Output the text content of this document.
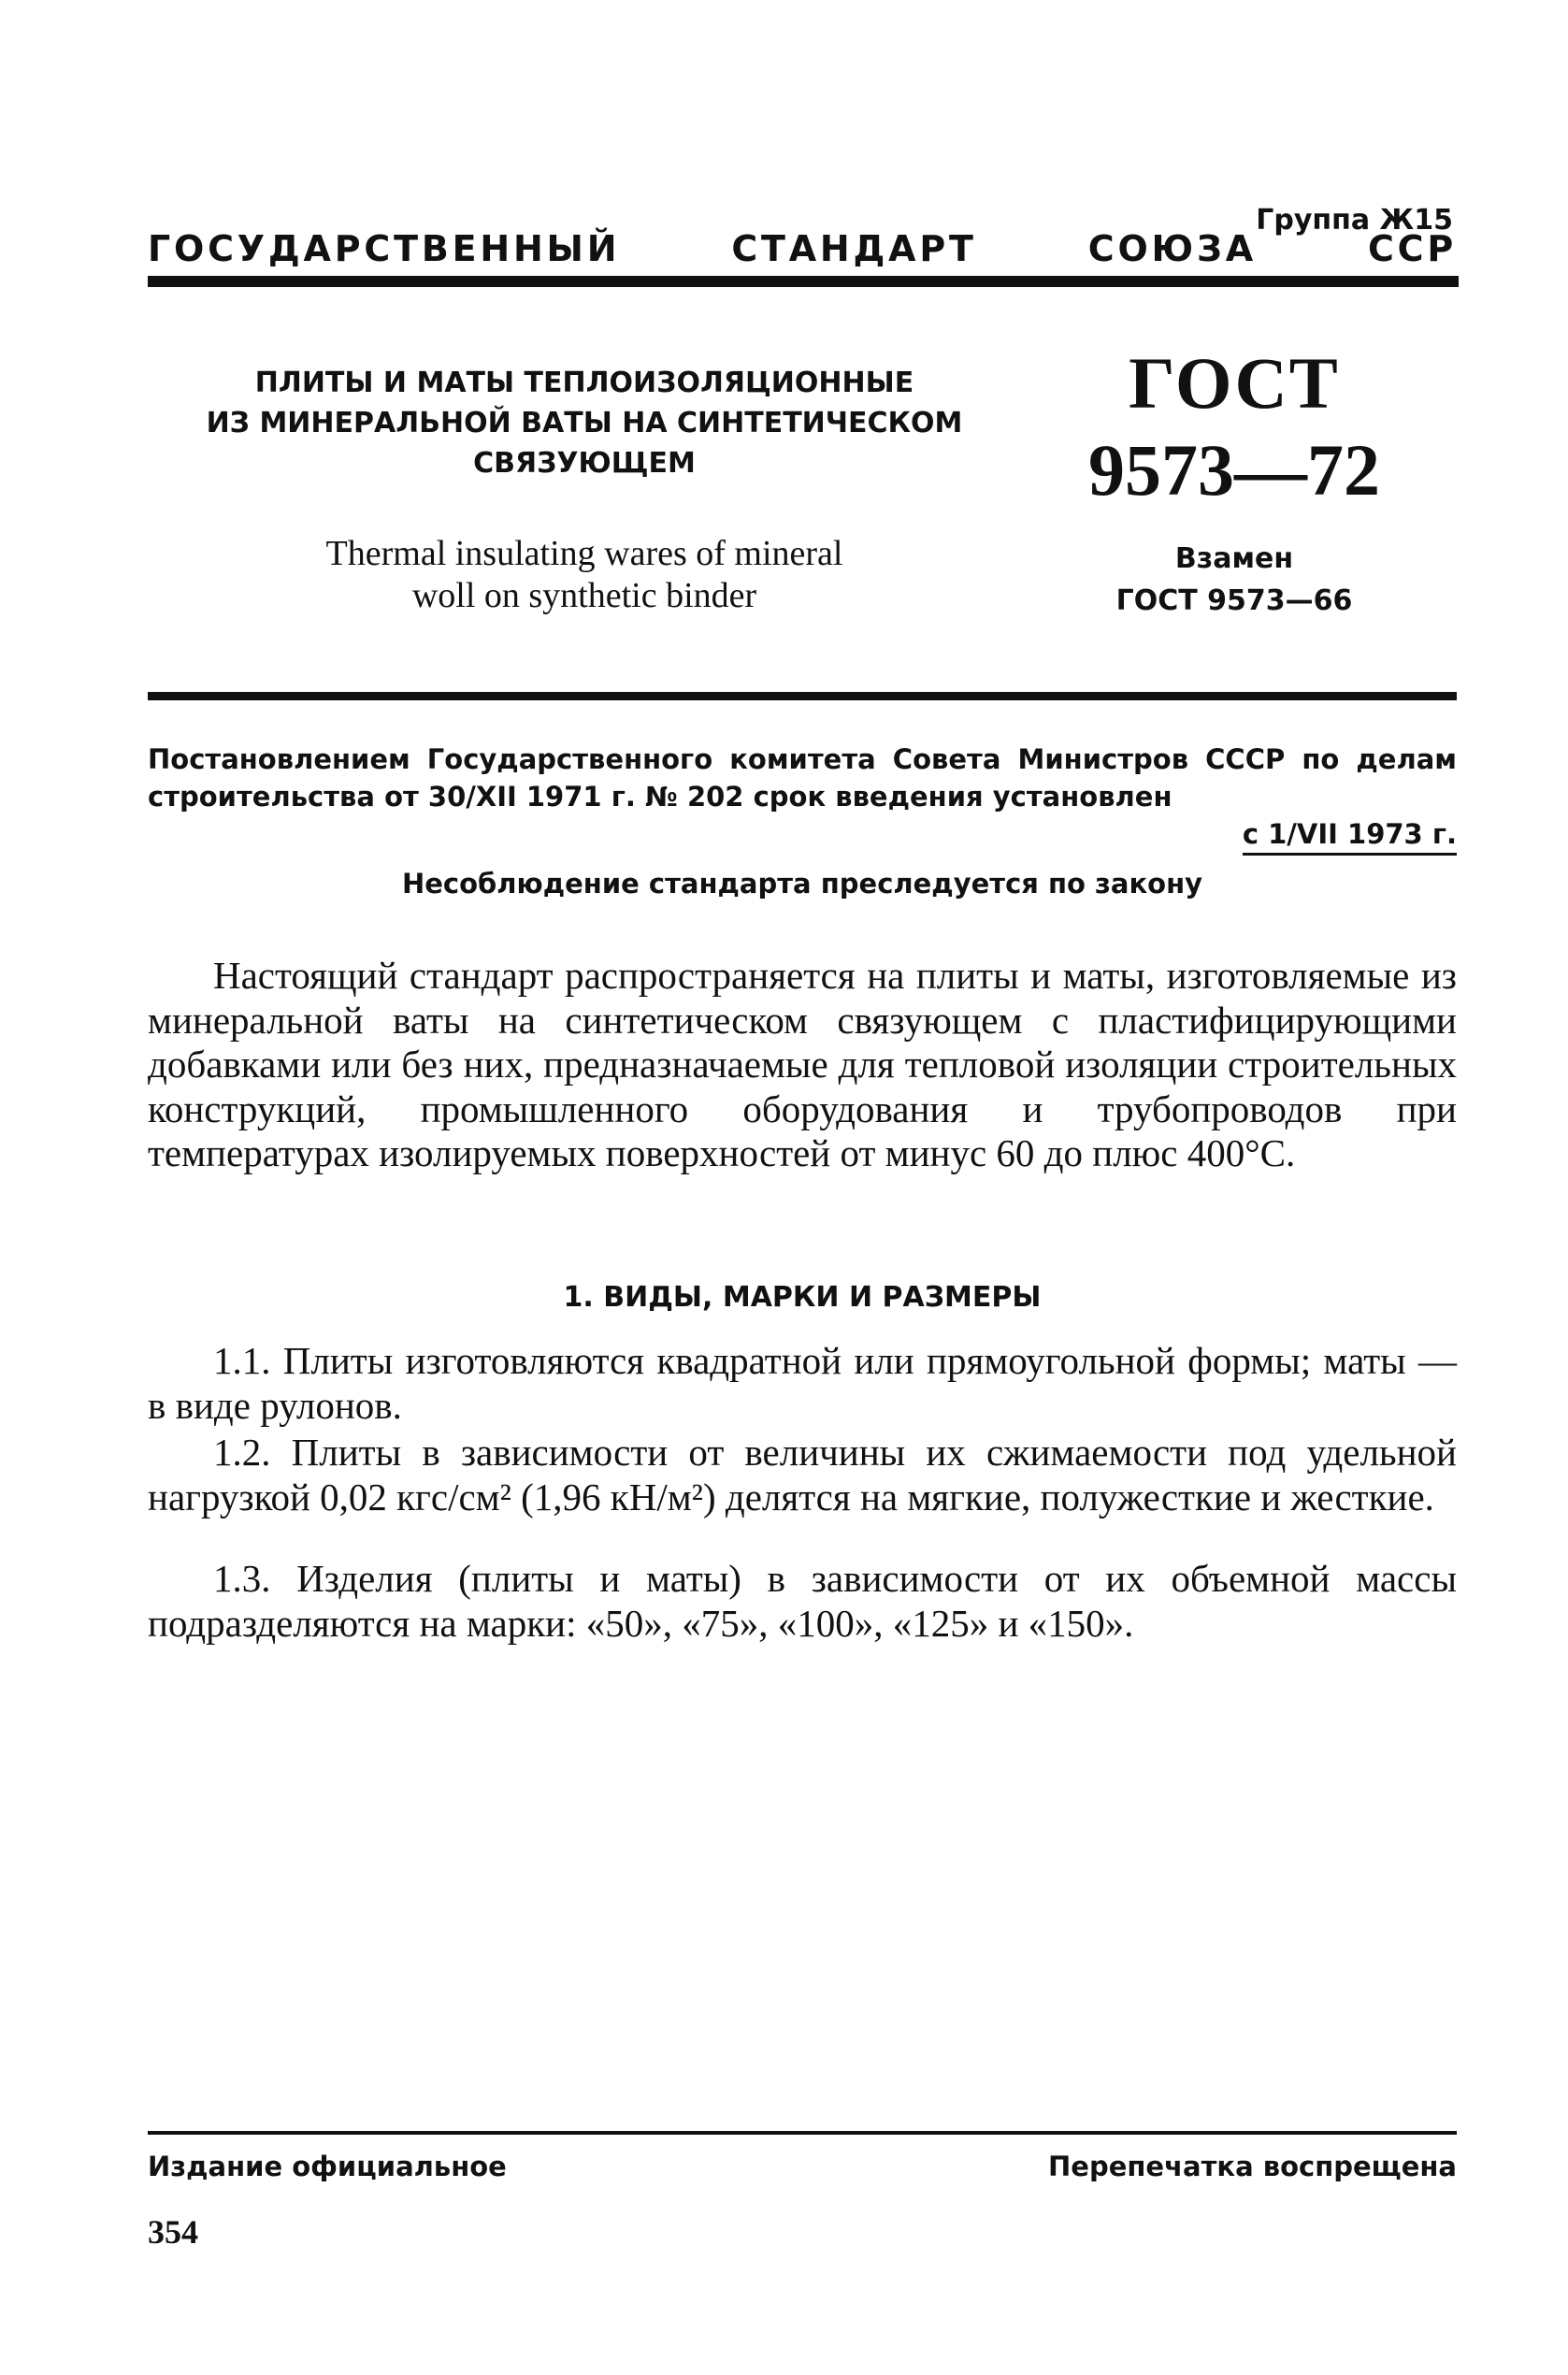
Группа Ж15
ГОСУДАРСТВЕННЫЙ	СТАНДАРТ	СОЮЗА	ССР
ПЛИТЫ И МАТЫ ТЕПЛОИЗОЛЯЦИОННЫЕ
ИЗ МИНЕРАЛЬНОЙ ВАТЫ НА СИНТЕТИЧЕСКОМ
СВЯЗУЮЩЕМ
Thermal insulating wares of mineral
woll on synthetic binder
ГОСТ
9573—72
Взамен
ГОСТ 9573—66
Постановлением Государственного комитета Совета Министров СССР по делам строительства от 30/XII 1971 г. № 202 срок введения установлен
с 1/VII 1973 г.
Несоблюдение стандарта преследуется по закону
Настоящий стандарт распространяется на плиты и маты, изготовляемые из минеральной ваты на синтетическом связующем с пластифицирующими добавками или без них, предназначаемые для тепловой изоляции строительных конструкций, промышленного оборудования и трубопроводов при температурах изолируемых поверхностей от минус 60 до плюс 400°С.
1. ВИДЫ, МАРКИ И РАЗМЕРЫ
1.1. Плиты изготовляются квадратной или прямоугольной формы; маты — в виде рулонов.
1.2. Плиты в зависимости от величины их сжимаемости под удельной нагрузкой 0,02 кгс/см² (1,96 кН/м²) делятся на мягкие, полужесткие и жесткие.
1.3. Изделия (плиты и маты) в зависимости от их объемной массы подразделяются на марки: «50», «75», «100», «125» и «150».
Издание официальное	Перепечатка воспрещена
354
